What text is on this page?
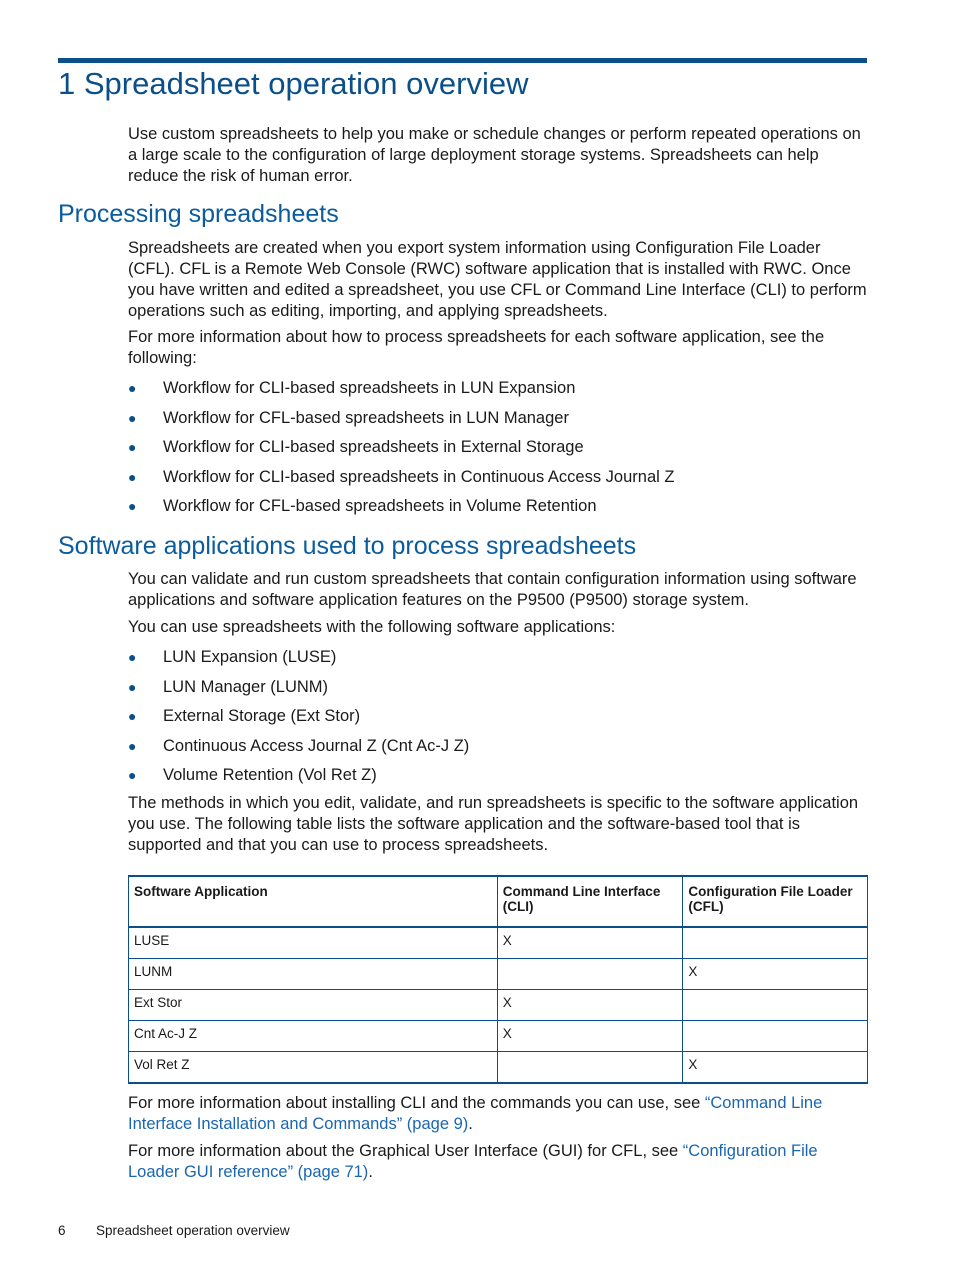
1 Spreadsheet operation overview

Use custom spreadsheets to help you make or schedule changes or perform repeated operations on a large scale to the configuration of large deployment storage systems. Spreadsheets can help reduce the risk of human error.

Processing spreadsheets

Spreadsheets are created when you export system information using Configuration File Loader (CFL). CFL is a Remote Web Console (RWC) software application that is installed with RWC. Once you have written and edited a spreadsheet, you use CFL or Command Line Interface (CLI) to perform operations such as editing, importing, and applying spreadsheets.

For more information about how to process spreadsheets for each software application, see the following:

● Workflow for CLI-based spreadsheets in LUN Expansion
● Workflow for CFL-based spreadsheets in LUN Manager
● Workflow for CLI-based spreadsheets in External Storage
● Workflow for CLI-based spreadsheets in Continuous Access Journal Z
● Workflow for CFL-based spreadsheets in Volume Retention
Software applications used to process spreadsheets

You can validate and run custom spreadsheets that contain configuration information using software applications and software application features on the P9500 (P9500) storage system.

You can use spreadsheets with the following software applications:

● LUN Expansion (LUSE)
● LUN Manager (LUNM)
● External Storage (Ext Stor)
● Continuous Access Journal Z (Cnt Ac-J Z)
● Volume Retention (Vol Ret Z)

The methods in which you edit, validate, and run spreadsheets is specific to the software application you use. The following table lists the software application and the software-based tool that is supported and that you can use to process spreadsheets.

Software Application	Command Line Interface (CLI)	Configuration File Loader (CFL)
LUSE	X	
LUNM		X
Ext Stor	X	
Cnt Ac-J Z	X	
Vol Ret Z		X

For more information about installing CLI and the commands you can use, see “Command Line Interface Installation and Commands” (page 9).

For more information about the Graphical User Interface (GUI) for CFL, see “Configuration File Loader GUI reference” (page 71).

6 Spreadsheet operation overview
